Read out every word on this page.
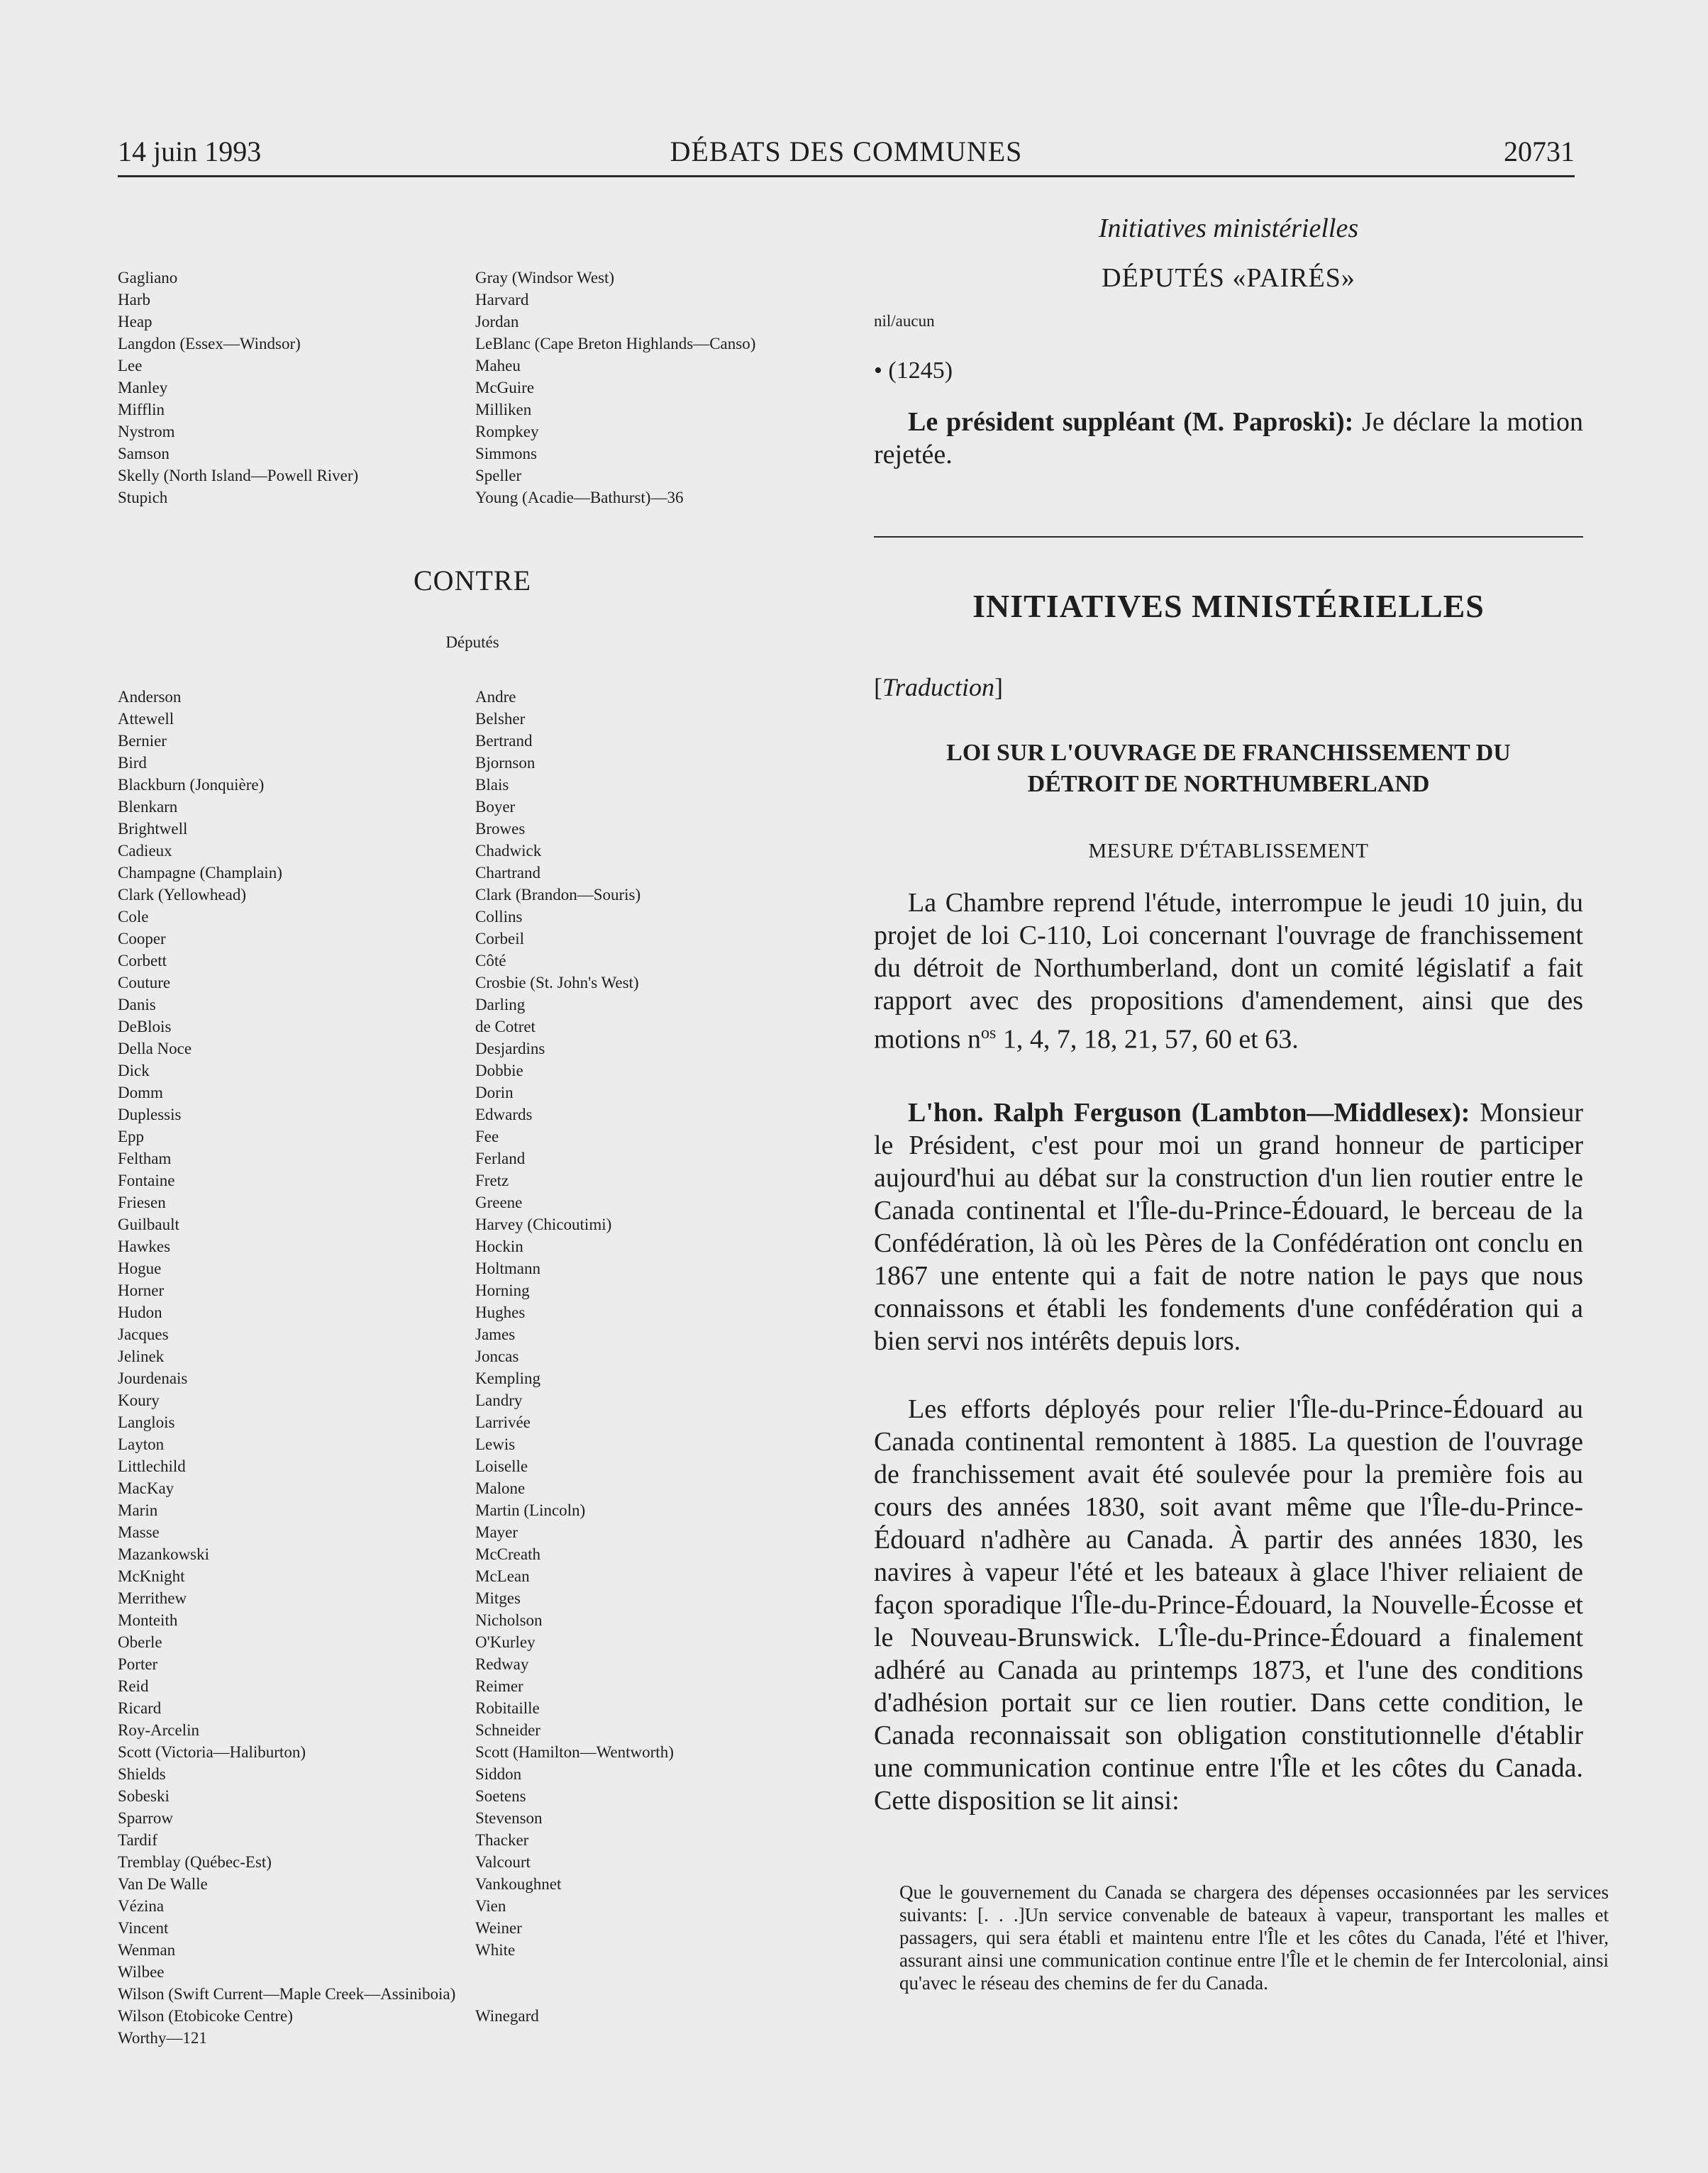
14 juin 1993	DÉBATS DES COMMUNES	20731
Gagliano
Harb
Heap
Langdon (Essex—Windsor)
Lee
Manley
Mifflin
Nystrom
Samson
Skelly (North Island—Powell River)
Stupich
Gray (Windsor West)
Harvard
Jordan
LeBlanc (Cape Breton Highlands—Canso)
Maheu
McGuire
Milliken
Rompkey
Simmons
Speller
Young (Acadie—Bathurst)—36
CONTRE
Députés
Anderson
Attewell
Bernier
Bird
Blackburn (Jonquière)
Blenkarn
Brightwell
Cadieux
Champagne (Champlain)
Clark (Yellowhead)
Cole
Cooper
Corbett
Couture
Danis
DeBlois
Della Noce
Dick
Domm
Duplessis
Epp
Feltham
Fontaine
Friesen
Guilbault
Hawkes
Hogue
Horner
Hudon
Jacques
Jelinek
Jourdenais
Koury
Langlois
Layton
Littlechild
MacKay
Marin
Masse
Mazankowski
McKnight
Merrithew
Monteith
Oberle
Porter
Reid
Ricard
Roy-Arcelin
Scott (Victoria—Haliburton)
Shields
Sobeski
Sparrow
Tardif
Tremblay (Québec-Est)
Van De Walle
Vézina
Vincent
Wenman
Wilbee
Wilson (Swift Current—Maple Creek—Assiniboia)
Wilson (Etobicoke Centre)
Worthy—121
Andre
Belsher
Bertrand
Bjornson
Blais
Boyer
Browes
Chadwick
Chartrand
Clark (Brandon—Souris)
Collins
Corbeil
Côté
Crosbie (St. John's West)
Darling
de Cotret
Desjardins
Dobbie
Dorin
Edwards
Fee
Ferland
Fretz
Greene
Harvey (Chicoutimi)
Hockin
Holtmann
Horning
Hughes
James
Joncas
Kempling
Landry
Larrivée
Lewis
Loiselle
Malone
Martin (Lincoln)
Mayer
McCreath
McLean
Mitges
Nicholson
O'Kurley
Redway
Reimer
Robitaille
Schneider
Scott (Hamilton—Wentworth)
Siddon
Soetens
Stevenson
Thacker
Valcourt
Vankoughnet
Vien
Weiner
White
Winegard
Initiatives ministérielles
DÉPUTÉS «PAIRÉS»
nil/aucun
• (1245)

Le président suppléant (M. Paproski): Je déclare la motion rejetée.

INITIATIVES MINISTÉRIELLES
[Traduction]
LOI SUR L'OUVRAGE DE FRANCHISSEMENT DU
DÉTROIT DE NORTHUMBERLAND
MESURE D'ÉTABLISSEMENT

La Chambre reprend l'étude, interrompue le jeudi 10 juin, du projet de loi C-110, Loi concernant l'ouvrage de franchissement du détroit de Northumberland, dont un comité législatif a fait rapport avec des propositions d'amendement, ainsi que des motions $n^{os}$ 1, 4, 7, 18, 21, 57, 60 et 63.

L'hon. Ralph Ferguson (Lambton—Middlesex): Monsieur le Président, c'est pour moi un grand honneur de participer aujourd'hui au débat sur la construction d'un lien routier entre le Canada continental et l'Île-du-Prince-Édouard, le berceau de la Confédération, là où les Pères de la Confédération ont conclu en 1867 une entente qui a fait de notre nation le pays que nous connaissons et établi les fondements d'une confédération qui a bien servi nos intérêts depuis lors.

Les efforts déployés pour relier l'Île-du-Prince-Édouard au Canada continental remontent à 1885. La question de l'ouvrage de franchissement avait été soulevée pour la première fois au cours des années 1830, soit avant même que l'Île-du-Prince-Édouard n'adhère au Canada. À partir des années 1830, les navires à vapeur l'été et les bateaux à glace l'hiver reliaient de façon sporadique l'Île-du-Prince-Édouard, la Nouvelle-Écosse et le Nouveau-Brunswick. L'Île-du-Prince-Édouard a finalement adhéré au Canada au printemps 1873, et l'une des conditions d'adhésion portait sur ce lien routier. Dans cette condition, le Canada reconnaissait son obligation constitutionnelle d'établir une communication continue entre l'Île et les côtes du Canada. Cette disposition se lit ainsi:

Que le gouvernement du Canada se chargera des dépenses occasionnées par les services suivants: [. . .]Un service convenable de bateaux à vapeur, transportant les malles et passagers, qui sera établi et maintenu entre l'Île et les côtes du Canada, l'été et l'hiver, assurant ainsi une communication continue entre l'Île et le chemin de fer Intercolonial, ainsi qu'avec le réseau des chemins de fer du Canada.
